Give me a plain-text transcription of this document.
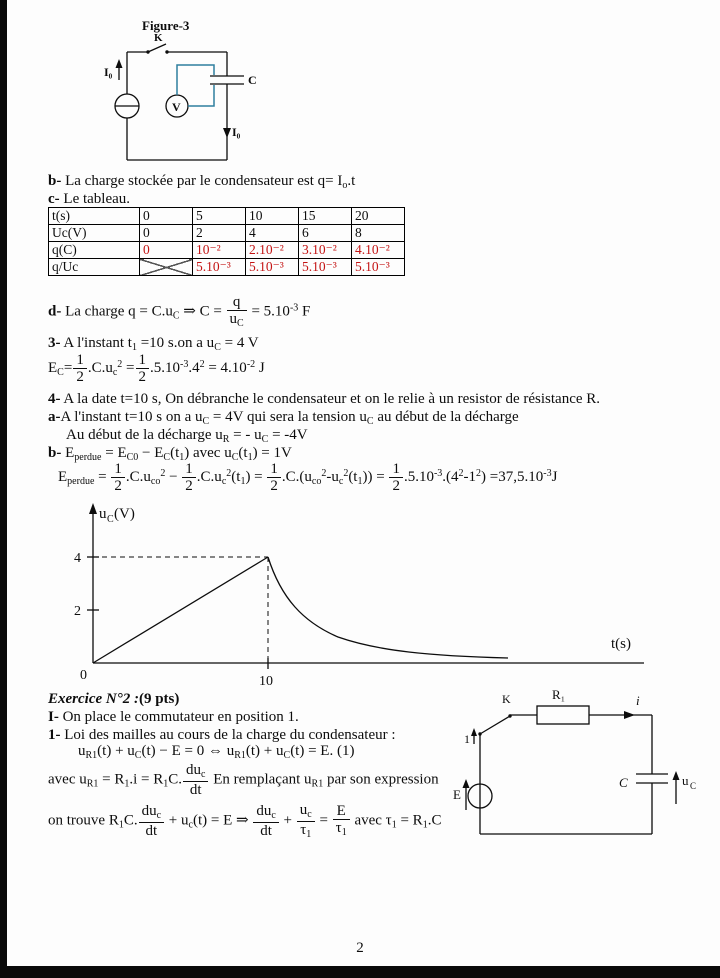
Figure-3
K
I₀
C
V
I₀
b- La charge stockée par le condensateur est $q= I_o.t$
c- Le tableau.
t(s)	0	5	10	15	20
Uc(V)	0	2	4	6	8
q(C)	0	10⁻²	2.10⁻²	3.10⁻²	4.10⁻²
q/Uc		5.10⁻³	5.10⁻³	5.10⁻³	5.10⁻³
d- La charge $q = C.u_C$ ⇒ $C = \frac{q}{u_C} = 5.10^{-3}$ F
3- A l'instant $t_1 =10$ s.on a $u_C = 4$ V
$E_C= \frac{1}{2} .C.u_c^2 = \frac{1}{2} .5.10^{-3}.4^2 = 4.10^{-2}$ J
4- A la date t=10 s, On débranche le condensateur et on le relie à un resistor de résistance R.
a-A l'instant t=10 s on a $u_C = 4V$ qui sera la tension $u_C$ au début de la décharge
Au début de la décharge $u_R$ = - $u_C = -4V$
b- $E_{perdue} = E_{C0} - E_C(t_1)$ avec $u_C(t_1) = 1V$
$E_{perdue} = \frac{1}{2} .C.u_{co}^2 - \frac{1}{2} .C.u_c^2(t_1) = \frac{1}{2} .C.(u_{co}^2-u_c^2(t_1)) = \frac{1}{2} .5.10^{-3}.(4^2-1^2) =37,5.10^{-3}J$
u C (V)
4
2
0	10
t(s)
Exercice N°2 :(9 pts)
I- On place le commutateur en position 1.
1- Loi des mailles au cours de la charge du condensateur :
$u_{R1}(t) + u_C(t) - E = 0$ ⇔ $u_{R1}(t) + u_C(t) = E$. (1)
avec $u_{R1} = R_1.i = R_1C$. $\frac{du_c}{dt}$ En remplaçant $u_{R1}$ par son expression
on trouve $R_1C$. $\frac{du_c}{dt} + u_c(t) = E$ ⇒ $\frac{du_c}{dt} + \frac{u_c}{\tau_1} = \frac{E}{\tau_1}$ avec $\tau_1 = R_1.C$
R₁
K
1
i
C	u C
E
2
